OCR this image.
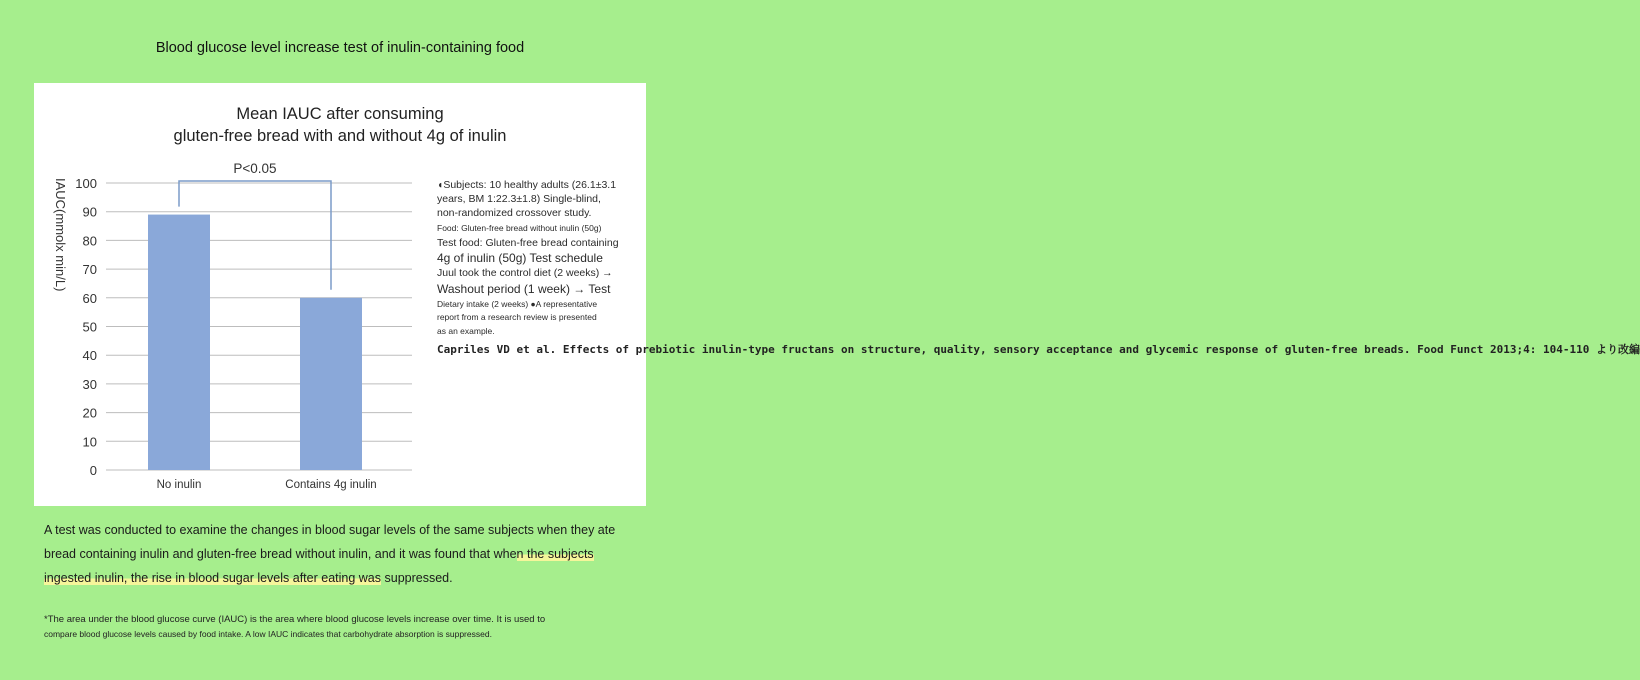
Blood glucose level increase test of inulin-containing food
Mean IAUC after consuming
gluten-free bread with and without 4g of inulin
0
10
20
30
40
50
60
70
80
90
100
IAUC(mmolx min/L)
No inulin	Contains 4g inulin
P<0.05
◖Subjects: 10 healthy adults (26.1±3.1
years, BM 1:22.3±1.8) Single-blind,
non-randomized crossover study.
Food: Gluten-free bread without inulin (50g)
Test food: Gluten-free bread containing
4g of inulin (50g) Test schedule
Juul took the control diet (2 weeks) →
Washout period (1 week) → Test
Dietary intake (2 weeks) ●A representative
report from a research review is presented
as an example.
Capriles VD et al. Effects of prebiotic inulin-type fructans on structure, quality, sensory acceptance and glycemic response of gluten-free breads. Food Funct 2013;4: 104-110 より改編
A test was conducted to examine the changes in blood sugar levels of the same subjects when they ate bread containing inulin and gluten-free bread without inulin, and it was found that when the subjects ingested inulin, the rise in blood sugar levels after eating was suppressed.
*The area under the blood glucose curve (IAUC) is the area where blood glucose levels increase over time. It is used to
compare blood glucose levels caused by food intake. A low IAUC indicates that carbohydrate absorption is suppressed.
